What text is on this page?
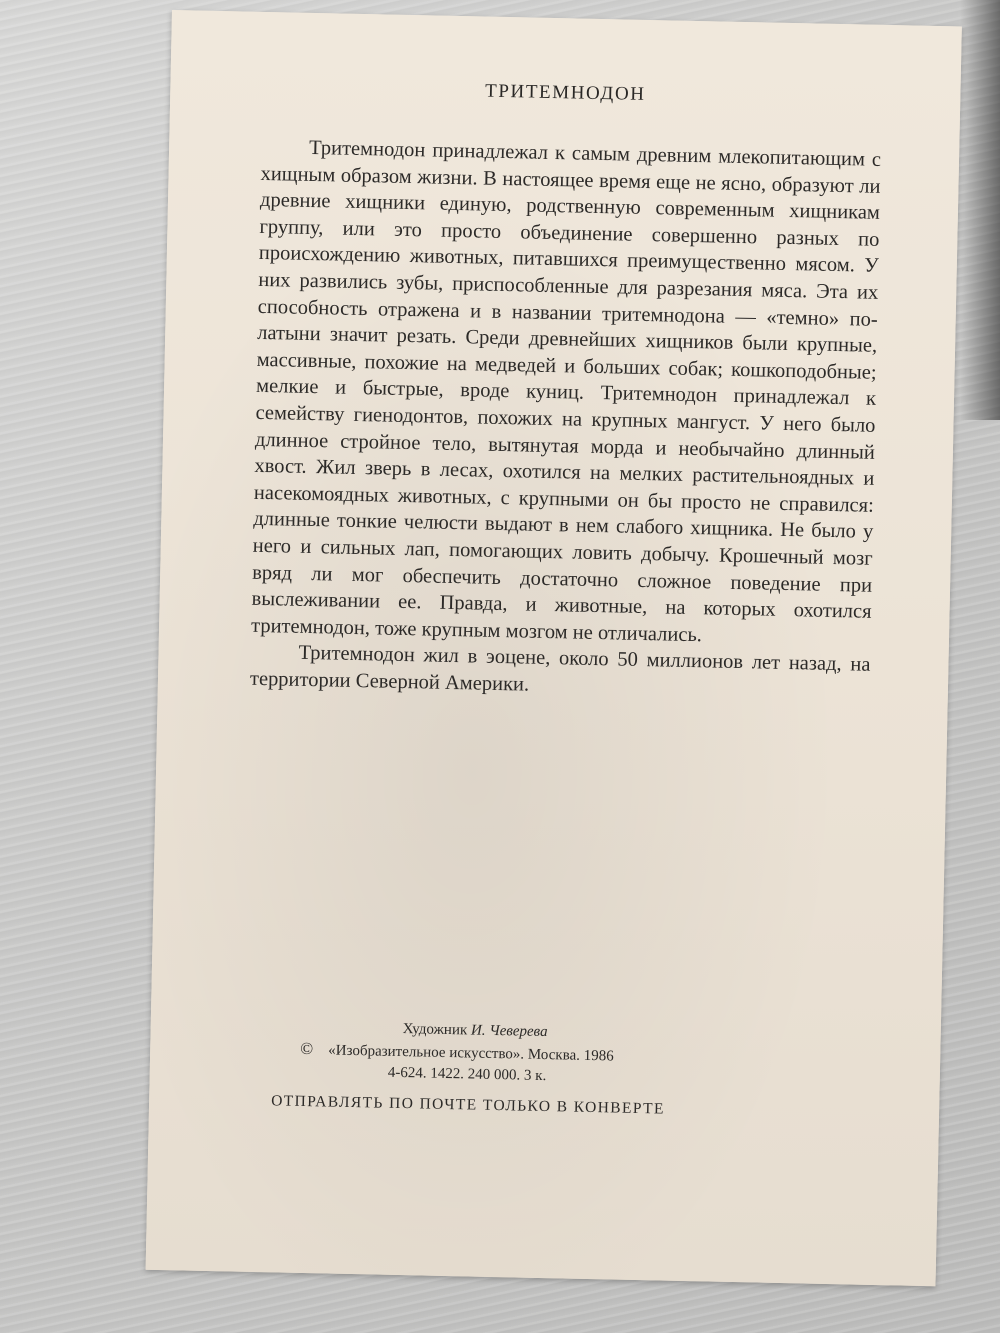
ТРИТЕМНОДОН

Тритемнодон принадлежал к самым древним млекопитающим с хищным образом жизни. В настоящее время еще не ясно, образуют ли древние хищники единую, родственную современным хищникам группу, или это просто объединение совершенно разных по происхождению животных, питавшихся преимущественно мясом. У них развились зубы, приспособленные для разрезания мяса. Эта их способность отражена и в названии тритемнодона — «темно» по-латыни значит резать. Среди древнейших хищников были крупные, массивные, похожие на медведей и больших собак; кошкоподобные; мелкие и быстрые, вроде куниц. Тритемнодон принадлежал к семейству гиенодонтов, похожих на крупных мангуст. У него было длинное стройное тело, вытянутая морда и необычайно длинный хвост. Жил зверь в лесах, охотился на мелких растительноядных и насекомоядных животных, с крупными он бы просто не справился: длинные тонкие челюсти выдают в нем слабого хищника. Не было у него и сильных лап, помогающих ловить добычу. Крошечный мозг вряд ли мог обеспечить достаточно сложное поведение при выслеживании ее. Правда, и животные, на которых охотился тритемнодон, тоже крупным мозгом не отличались.

Тритемнодон жил в эоцене, около 50 миллионов лет назад, на территории Северной Америки.

Художник И. Чеверева
© «Изобразительное искусство». Москва. 1986
4-624. 1422. 240 000. 3 к.
ОТПРАВЛЯТЬ ПО ПОЧТЕ ТОЛЬКО В КОНВЕРТЕ
